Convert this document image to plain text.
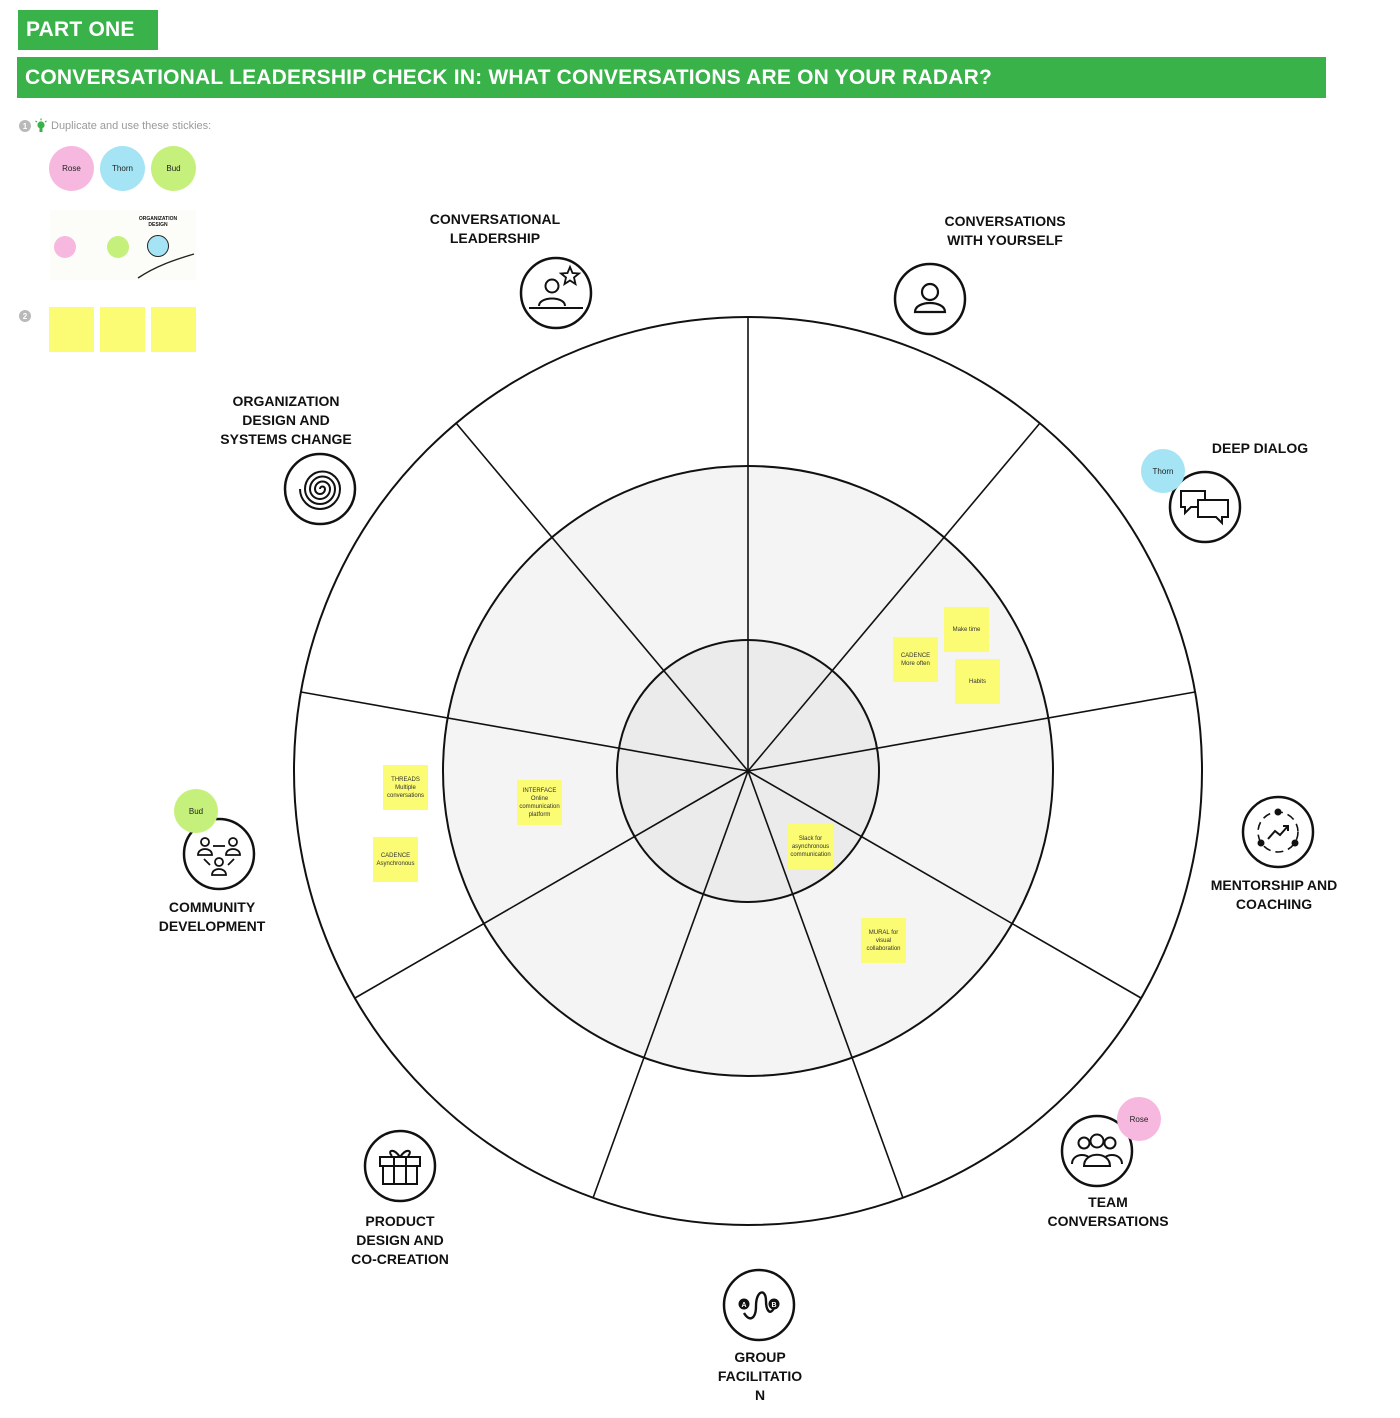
PART ONE
CONVERSATIONAL LEADERSHIP CHECK IN: WHAT CONVERSATIONS ARE ON YOUR RADAR?
1	Duplicate and use these stickies:
Rose	Thorn	Bud
ORGANIZATION DESIGN
2
A	B
CONVERSATIONAL
LEADERSHIP
CONVERSATIONS
WITH YOURSELF
DEEP DIALOG
MENTORSHIP AND
COACHING
TEAM
CONVERSATIONS
GROUP
FACILITATIO
N
PRODUCT
DESIGN AND
CO-CREATION
COMMUNITY
DEVELOPMENT
ORGANIZATION
DESIGN AND
SYSTEMS CHANGE
Thorn
Bud
Rose
Make time
CADENCE
More often
Habits
THREADS
Multiple
conversations
CADENCE
Asynchronous
INTERFACE
Online
communication
platform
Slack for
asynchronous
communication
MURAL for
visual
collaboration
